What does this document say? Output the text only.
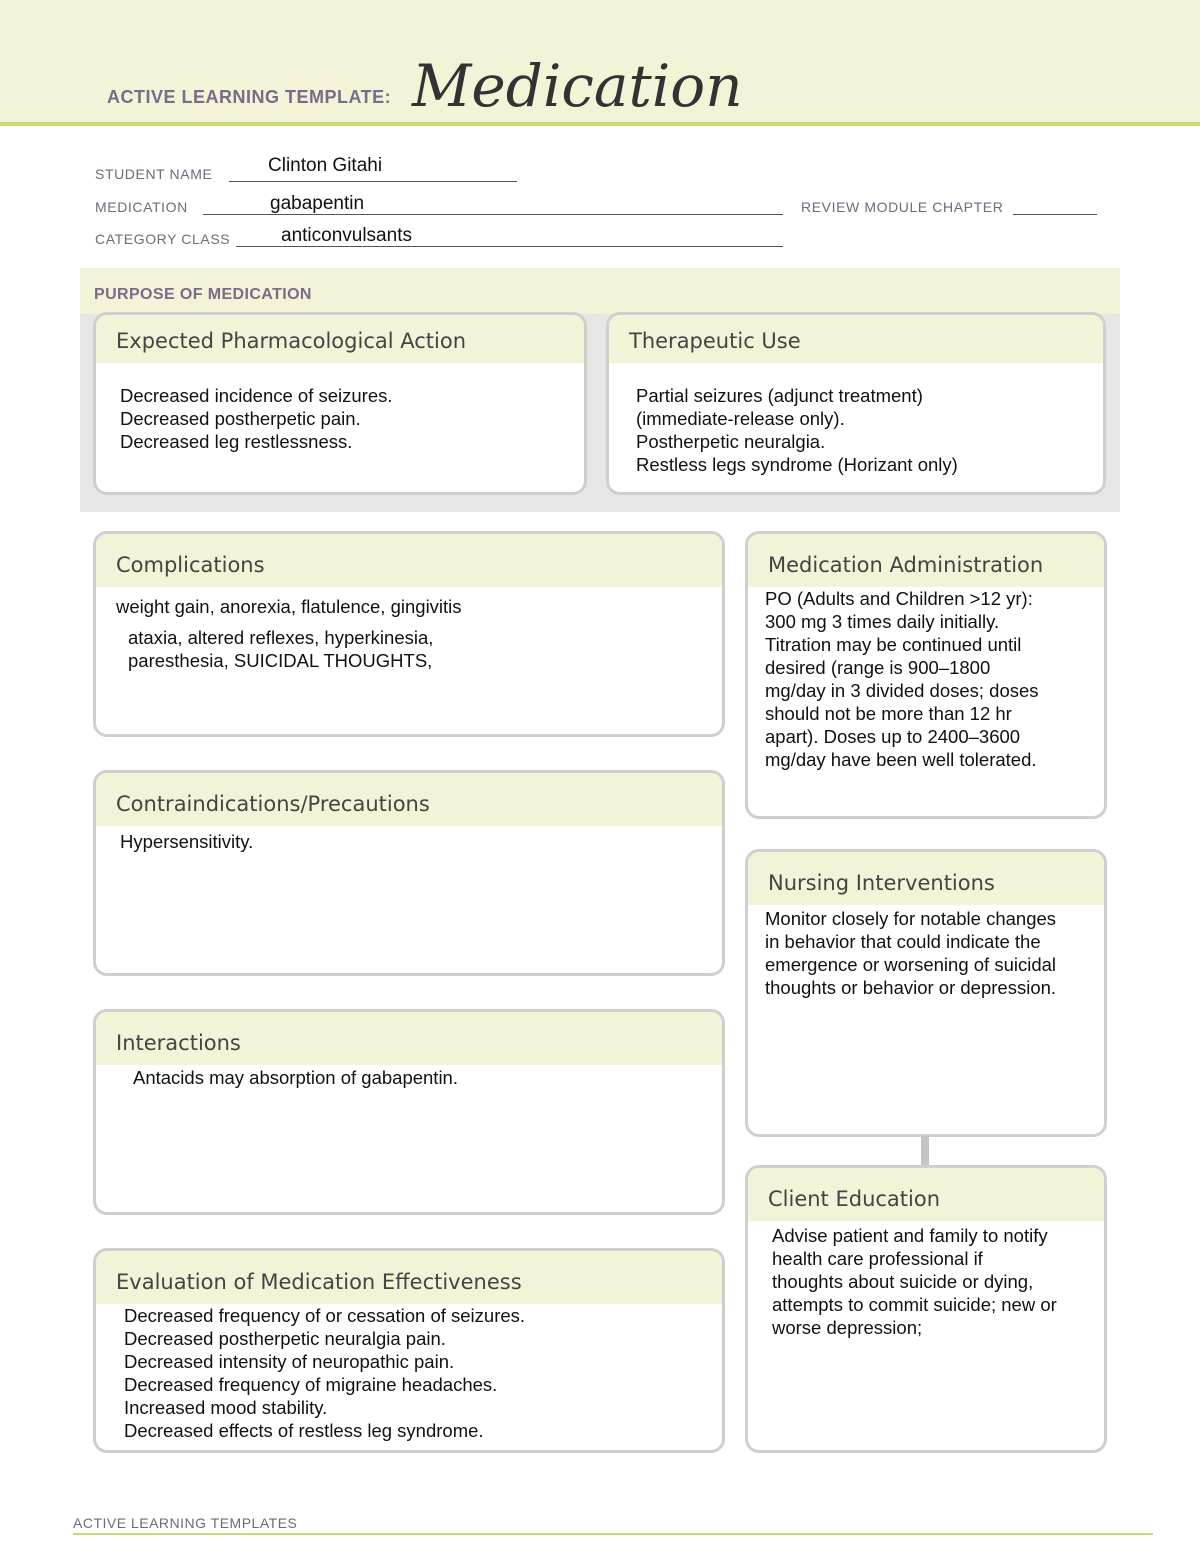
ACTIVE LEARNING TEMPLATE: Medication
STUDENT NAME	Clinton Gitahi
MEDICATION	gabapentin	REVIEW MODULE CHAPTER
CATEGORY CLASS	anticonvulsants
PURPOSE OF MEDICATION
Expected Pharmacological Action
Decreased incidence of seizures.
Decreased postherpetic pain.
Decreased leg restlessness.
Therapeutic Use
Partial seizures (adjunct treatment)
(immediate-release only).
Postherpetic neuralgia.
Restless legs syndrome (Horizant only)
Complications
weight gain, anorexia, flatulence, gingivitis
ataxia, altered reflexes, hyperkinesia,
paresthesia, SUICIDAL THOUGHTS,
Contraindications/Precautions
Hypersensitivity.
Interactions
Antacids may absorption of gabapentin.
Evaluation of Medication Effectiveness
Decreased frequency of or cessation of seizures.
Decreased postherpetic neuralgia pain.
Decreased intensity of neuropathic pain.
Decreased frequency of migraine headaches.
Increased mood stability.
Decreased effects of restless leg syndrome.
Medication Administration
PO (Adults and Children >12 yr):
300 mg 3 times daily initially.
Titration may be continued until
desired (range is 900–1800
mg/day in 3 divided doses; doses
should not be more than 12 hr
apart). Doses up to 2400–3600
mg/day have been well tolerated.
Nursing Interventions
Monitor closely for notable changes
in behavior that could indicate the
emergence or worsening of suicidal
thoughts or behavior or depression.
Client Education
Advise patient and family to notify
health care professional if
thoughts about suicide or dying,
attempts to commit suicide; new or
worse depression;
ACTIVE LEARNING TEMPLATES
